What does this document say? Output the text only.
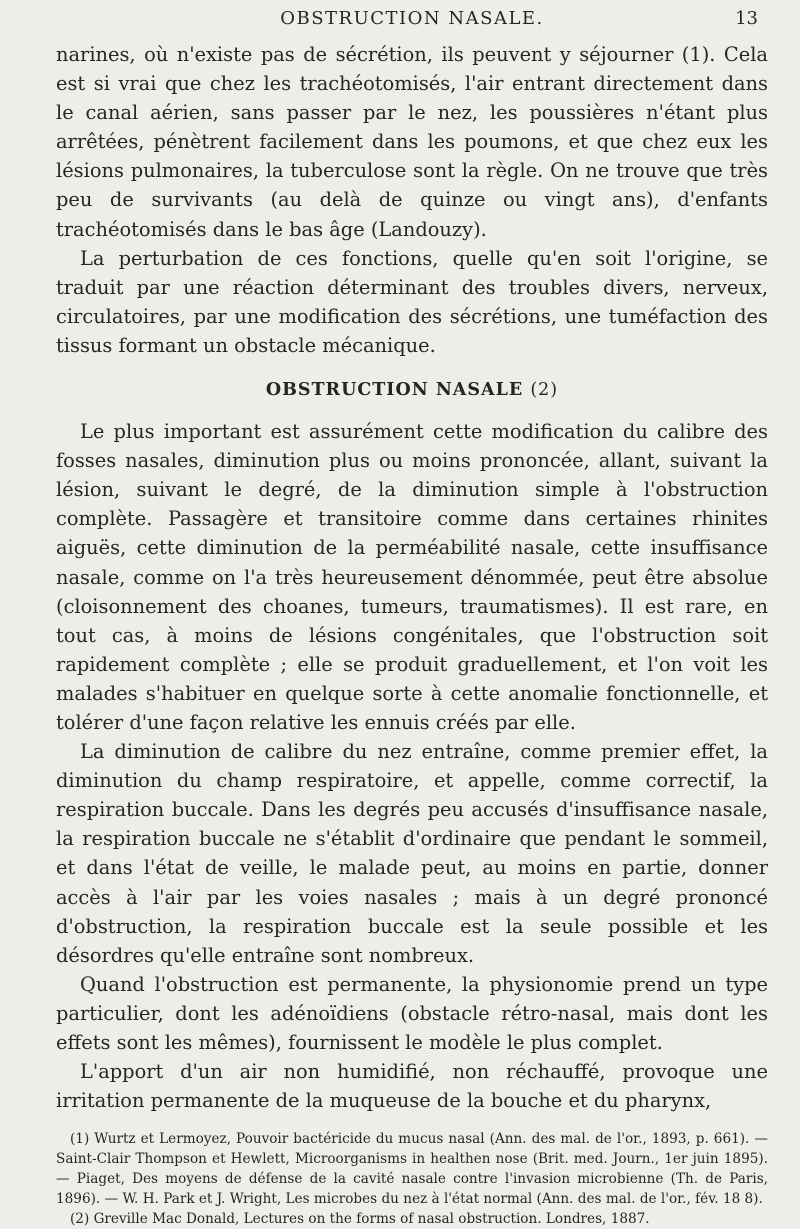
OBSTRUCTION NASALE.	13

narines, où n'existe pas de sécrétion, ils peuvent y séjourner (1). Cela est si vrai que chez les trachéotomisés, l'air entrant directement dans le canal aérien, sans passer par le nez, les poussières n'étant plus arrêtées, pénètrent facilement dans les poumons, et que chez eux les lésions pulmonaires, la tuberculose sont la règle. On ne trouve que très peu de survivants (au delà de quinze ou vingt ans), d'enfants trachéotomisés dans le bas âge (Landouzy).

La perturbation de ces fonctions, quelle qu'en soit l'origine, se traduit par une réaction déterminant des troubles divers, nerveux, circulatoires, par une modification des sécrétions, une tuméfaction des tissus formant un obstacle mécanique.

OBSTRUCTION NASALE (2)

Le plus important est assurément cette modification du calibre des fosses nasales, diminution plus ou moins prononcée, allant, suivant la lésion, suivant le degré, de la diminution simple à l'obstruction complète. Passagère et transitoire comme dans certaines rhinites aiguës, cette diminution de la perméabilité nasale, cette insuffisance nasale, comme on l'a très heureusement dénommée, peut être absolue (cloisonnement des choanes, tumeurs, traumatismes). Il est rare, en tout cas, à moins de lésions congénitales, que l'obstruction soit rapidement complète ; elle se produit graduellement, et l'on voit les malades s'habituer en quelque sorte à cette anomalie fonctionnelle, et tolérer d'une façon relative les ennuis créés par elle.

La diminution de calibre du nez entraîne, comme premier effet, la diminution du champ respiratoire, et appelle, comme correctif, la respiration buccale. Dans les degrés peu accusés d'insuffisance nasale, la respiration buccale ne s'établit d'ordinaire que pendant le sommeil, et dans l'état de veille, le malade peut, au moins en partie, donner accès à l'air par les voies nasales ; mais à un degré prononcé d'obstruction, la respiration buccale est la seule possible et les désordres qu'elle entraîne sont nombreux.

Quand l'obstruction est permanente, la physionomie prend un type particulier, dont les adénoïdiens (obstacle rétro-nasal, mais dont les effets sont les mêmes), fournissent le modèle le plus complet.

L'apport d'un air non humidifié, non réchauffé, provoque une irritation permanente de la muqueuse de la bouche et du pharynx,

(1) Wurtz et Lermoyez, Pouvoir bactéricide du mucus nasal (Ann. des mal. de l'or., 1893, p. 661). — Saint-Clair Thompson et Hewlett, Microorganisms in healthen nose (Brit. med. Journ., 1er juin 1895). — Piaget, Des moyens de défense de la cavité nasale contre l'invasion microbienne (Th. de Paris, 1896). — W. H. Park et J. Wright, Les microbes du nez à l'état normal (Ann. des mal. de l'or., fév. 18 8).

(2) Greville Mac Donald, Lectures on the forms of nasal obstruction. Londres, 1887.
